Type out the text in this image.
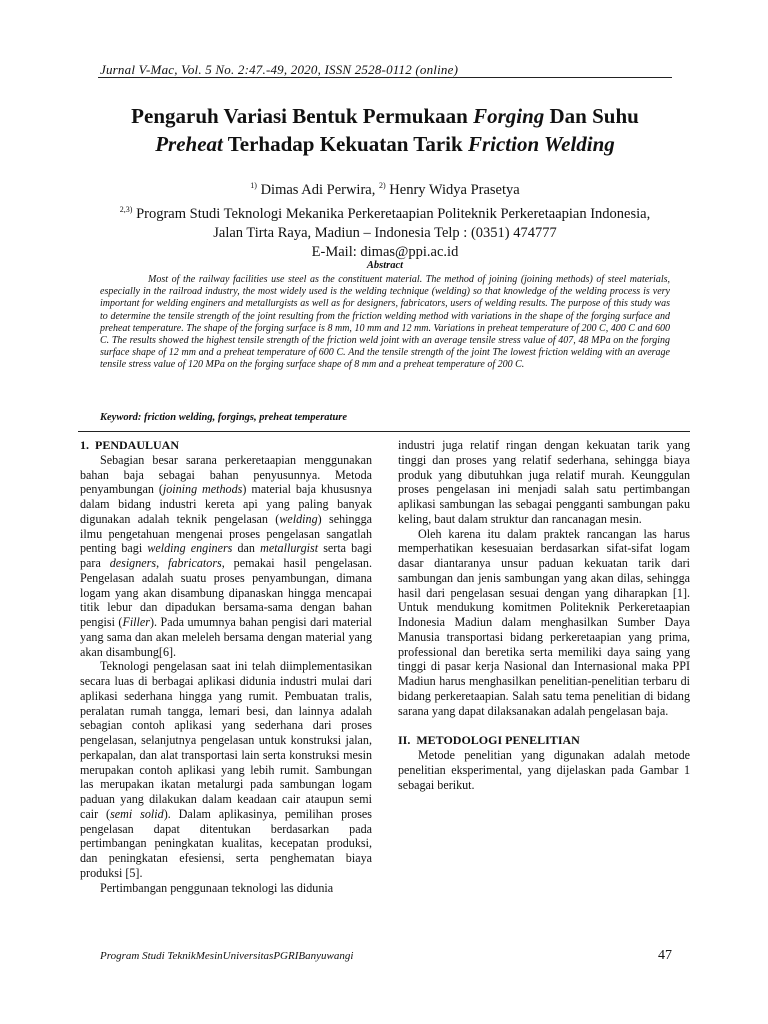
Jurnal V-Mac, Vol. 5 No. 2:47.-49, 2020, ISSN 2528-0112 (online)
Pengaruh Variasi Bentuk Permukaan Forging Dan Suhu
Preheat Terhadap Kekuatan Tarik Friction Welding
$^{1)}$ Dimas Adi Perwira, $^{2)}$ Henry Widya Prasetya
$^{2,3)}$ Program Studi Teknologi Mekanika Perkeretaapian Politeknik Perkeretaapian Indonesia,
Jalan Tirta Raya, Madiun – Indonesia Telp : (0351) 474777
E-Mail: dimas@ppi.ac.id
Abstract
Most of the railway facilities use steel as the constituent material. The method of joining (joining methods) of steel materials, especially in the railroad industry, the most widely used is the welding technique (welding) so that knowledge of the welding process is very important for welding enginers and metallurgists as well as for designers, fabricators, users of welding results. The purpose of this study was to determine the tensile strength of the joint resulting from the friction welding method with variations in the shape of the forging surface and preheat temperature. The shape of the forging surface is 8 mm, 10 mm and 12 mm. Variations in preheat temperature of 200 C, 400 C and 600 C. The results showed the highest tensile strength of the friction weld joint with an average tensile stress value of 407, 48 MPa on the forging surface shape of 12 mm and a preheat temperature of 600 C. And the tensile strength of the joint The lowest friction welding with an average tensile stress value of 120 MPa on the forging surface shape of 8 mm and a preheat temperature of 200 C.
Keyword: friction welding, forgings, preheat temperature
1.  PENDAULUAN

Sebagian besar sarana perkeretaapian menggunakan bahan baja sebagai bahan penyusunnya. Metoda penyambungan (joining methods) material baja khususnya dalam bidang industri kereta api yang paling banyak digunakan adalah teknik pengelasan (welding) sehingga ilmu pengetahuan mengenai proses pengelasan sangatlah penting bagi welding enginers dan metallurgist serta bagi para designers, fabricators, pemakai hasil pengelasan. Pengelasan adalah suatu proses penyambungan, dimana logam yang akan disambung dipanaskan hingga mencapai titik lebur dan dipadukan bersama-sama dengan bahan pengisi (Filler). Pada umumnya bahan pengisi dari material yang sama dan akan meleleh bersama dengan material yang akan disambung[6].

Teknologi pengelasan saat ini telah diimplementasikan secara luas di berbagai aplikasi didunia industri mulai dari aplikasi sederhana hingga yang rumit. Pembuatan tralis, peralatan rumah tangga, lemari besi, dan lainnya adalah sebagian contoh aplikasi yang sederhana dari proses pengelasan, selanjutnya pengelasan untuk konstruksi jalan, perkapalan, dan alat transportasi lain serta konstruksi mesin merupakan contoh aplikasi yang lebih rumit. Sambungan las merupakan ikatan metalurgi pada sambungan logam paduan yang dilakukan dalam keadaan cair ataupun semi cair (semi solid). Dalam aplikasinya, pemilihan proses pengelasan dapat ditentukan berdasarkan pada pertimbangan peningkatan kualitas, kecepatan produksi, dan peningkatan efesiensi, serta penghematan biaya produksi [5].

Pertimbangan penggunaan teknologi las didunia

industri juga relatif ringan dengan kekuatan tarik yang tinggi dan proses yang relatif sederhana, sehingga biaya produk yang dibutuhkan juga relatif murah. Keunggulan proses pengelasan ini menjadi salah satu pertimbangan aplikasi sambungan las sebagai pengganti sambungan paku keling, baut dalam struktur dan rancanagan mesin.

Oleh karena itu dalam praktek rancangan las harus memperhatikan kesesuaian berdasarkan sifat-sifat logam dasar diantaranya unsur paduan kekuatan tarik dari sambungan dan jenis sambungan yang akan dilas, sehingga hasil dari pengelasan sesuai dengan yang diharapkan [1]. Untuk mendukung komitmen Politeknik Perkeretaapian Indonesia Madiun dalam menghasilkan Sumber Daya Manusia transportasi bidang perkeretaapian yang prima, professional dan beretika serta memiliki daya saing yang tinggi di pasar kerja Nasional dan Internasional maka PPI Madiun harus menghasilkan penelitian-penelitian terbaru di bidang perkeretaapian. Salah satu tema penelitian di bidang sarana yang dapat dilaksanakan adalah pengelasan baja.

II.  METODOLOGI PENELITIAN

Metode penelitian yang digunakan adalah metode penelitian eksperimental, yang dijelaskan pada Gambar 1 sebagai berikut.

Program Studi TeknikMesinUniversitasPGRIBanyuwangi	47
